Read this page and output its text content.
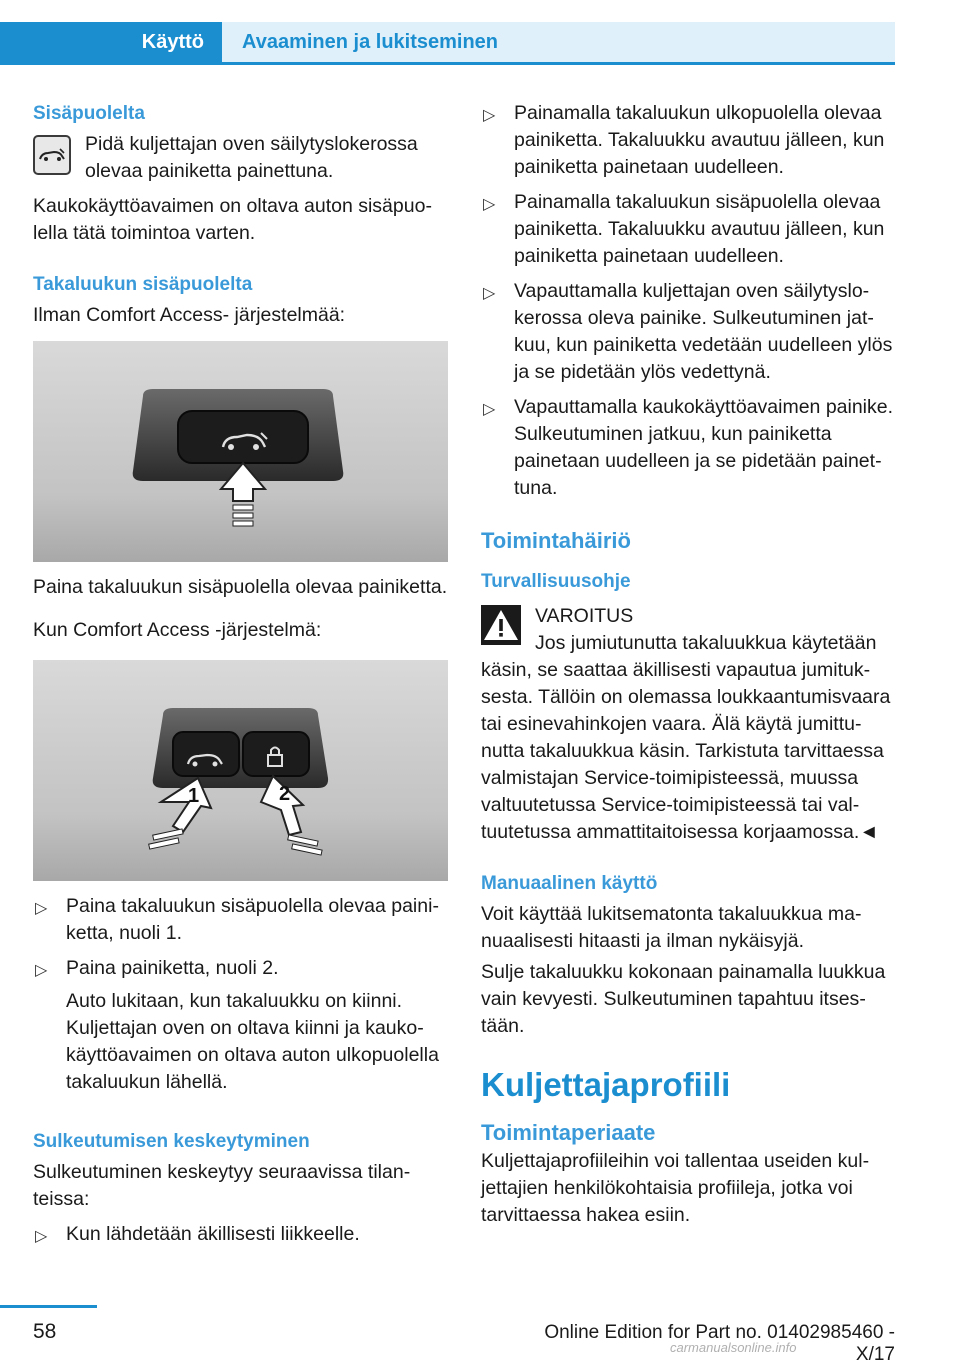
Käyttö	Avaaminen ja lukitseminen
Sisäpuolelta
Pidä kuljettajan oven säilytyslokerossa olevaa painiketta painettuna.

Kaukokäyttöavaimen on oltava auton sisäpuolella tätä toimintoa varten.

Takaluukun sisäpuolelta

Ilman Comfort Access- järjestelmää:

Paina takaluukun sisäpuolella olevaa painiketta.

Kun Comfort Access -järjestelmä:

1	2
▷ Paina takaluukun sisäpuolella olevaa painiketta, nuoli 1.
▷ Paina painiketta, nuoli 2.
Auto lukitaan, kun takaluukku on kiinni. Kuljettajan oven on oltava kiinni ja kaukokäyttöavaimen on oltava auton ulkopuolella takaluukun lähellä.
Sulkeutumisen keskeytyminen

Sulkeutuminen keskeytyy seuraavissa tilanteissa:

▷ Kun lähdetään äkillisesti liikkeelle.
▷ Painamalla takaluukun ulkopuolella olevaa painiketta. Takaluukku avautuu jälleen, kun painiketta painetaan uudelleen.
▷ Painamalla takaluukun sisäpuolella olevaa painiketta. Takaluukku avautuu jälleen, kun painiketta painetaan uudelleen.
▷ Vapauttamalla kuljettajan oven säilytyslokerossa oleva painike. Sulkeutuminen jatkuu, kun painiketta vedetään uudelleen ylös ja se pidetään ylös vedettynä.
▷ Vapauttamalla kaukokäyttöavaimen painike. Sulkeutuminen jatkuu, kun painiketta painetaan uudelleen ja se pidetään painettuna.
Toimintahäiriö
Turvallisuusohje
VAROITUS
Jos jumiutunutta takaluukkua käytetään

käsin, se saattaa äkillisesti vapautua jumituksesta. Tällöin on olemassa loukkaantumisvaara tai esinevahinkojen vaara. Älä käytä jumittunutta takaluukkua käsin. Tarkistuta tarvittaessa valmistajan Service-toimipisteessä, muussa valtuutetussa Service-toimipisteessä tai valtuutetussa ammattitaitoisessa korjaamossa.◄

Manuaalinen käyttö

Voit käyttää lukitsematonta takaluukkua manuaalisesti hitaasti ja ilman nykäisyjä.

Sulje takaluukku kokonaan painamalla luukkua vain kevyesti. Sulkeutuminen tapahtuu itsestään.

Kuljettajaprofiili
Toimintaperiaate

Kuljettajaprofiileihin voi tallentaa useiden kuljettajien henkilökohtaisia profiileja, jotka voi tarvittaessa hakea esiin.

58	Online Edition for Part no. 01402985460 - X/17
carmanualsonline.info
